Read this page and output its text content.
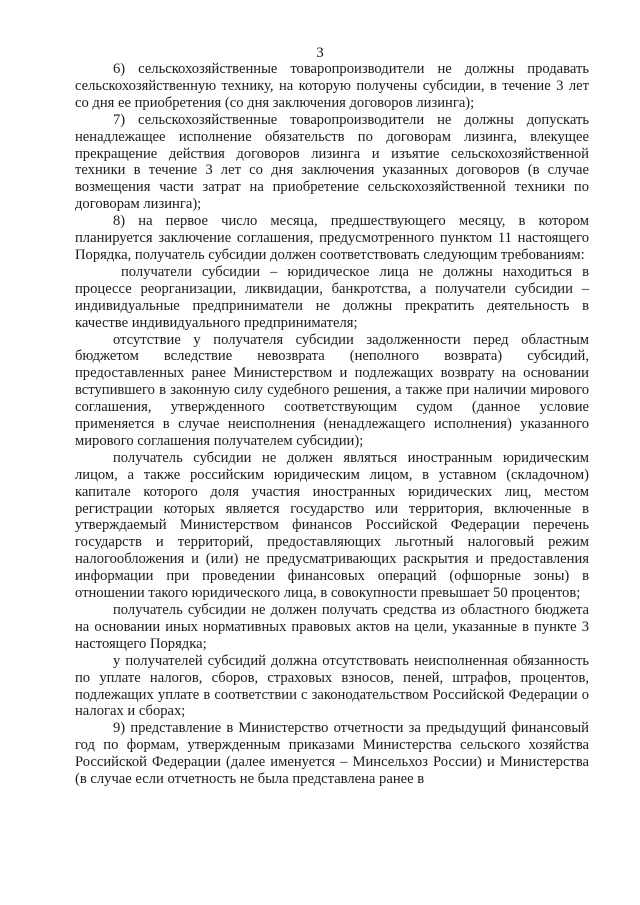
3

6) сельскохозяйственные товаропроизводители не должны продавать сельскохозяйственную технику, на которую получены субсидии, в течение 3 лет со дня ее приобретения (со дня заключения договоров лизинга);

7) сельскохозяйственные товаропроизводители не должны допускать ненадлежащее исполнение обязательств по договорам лизинга, влекущее прекращение действия договоров лизинга и изъятие сельскохозяйственной техники в течение 3 лет со дня заключения указанных договоров (в случае возмещения части затрат на приобретение сельскохозяйственной техники по договорам лизинга);

8) на первое число месяца, предшествующего месяцу, в котором планируется заключение соглашения, предусмотренного пунктом 11 настоящего Порядка, получатель субсидии должен соответствовать следующим требованиям:

получатели субсидии – юридическое лица не должны находиться в процессе реорганизации, ликвидации, банкротства, а получатели субсидии – индивидуальные предприниматели не должны прекратить деятельность в качестве индивидуального предпринимателя;

отсутствие у получателя субсидии задолженности перед областным бюджетом вследствие невозврата (неполного возврата) субсидий, предоставленных ранее Министерством и подлежащих возврату на основании вступившего в законную силу судебного решения, а также при наличии мирового соглашения, утвержденного соответствующим судом (данное условие применяется в случае неисполнения (ненадлежащего исполнения) указанного мирового соглашения получателем субсидии);

получатель субсидии не должен являться иностранным юридическим лицом, а также российским юридическим лицом, в уставном (складочном) капитале которого доля участия иностранных юридических лиц, местом регистрации которых является государство или территория, включенные в утверждаемый Министерством финансов Российской Федерации перечень государств и территорий, предоставляющих льготный налоговый режим налогообложения и (или) не предусматривающих раскрытия и предоставления информации при проведении финансовых операций (офшорные зоны) в отношении такого юридического лица, в совокупности превышает 50 процентов;

получатель субсидии не должен получать средства из областного бюджета на основании иных нормативных правовых актов на цели, указанные в пункте 3 настоящего Порядка;

у получателей субсидий должна отсутствовать неисполненная обязанность по уплате налогов, сборов, страховых взносов, пеней, штрафов, процентов, подлежащих уплате в соответствии с законодательством Российской Федерации о налогах и сборах;

9) представление в Министерство отчетности за предыдущий финансовый год по формам, утвержденным приказами Министерства сельского хозяйства Российской Федерации (далее именуется – Минсельхоз России) и Министерства (в случае если отчетность не была представлена ранее в
